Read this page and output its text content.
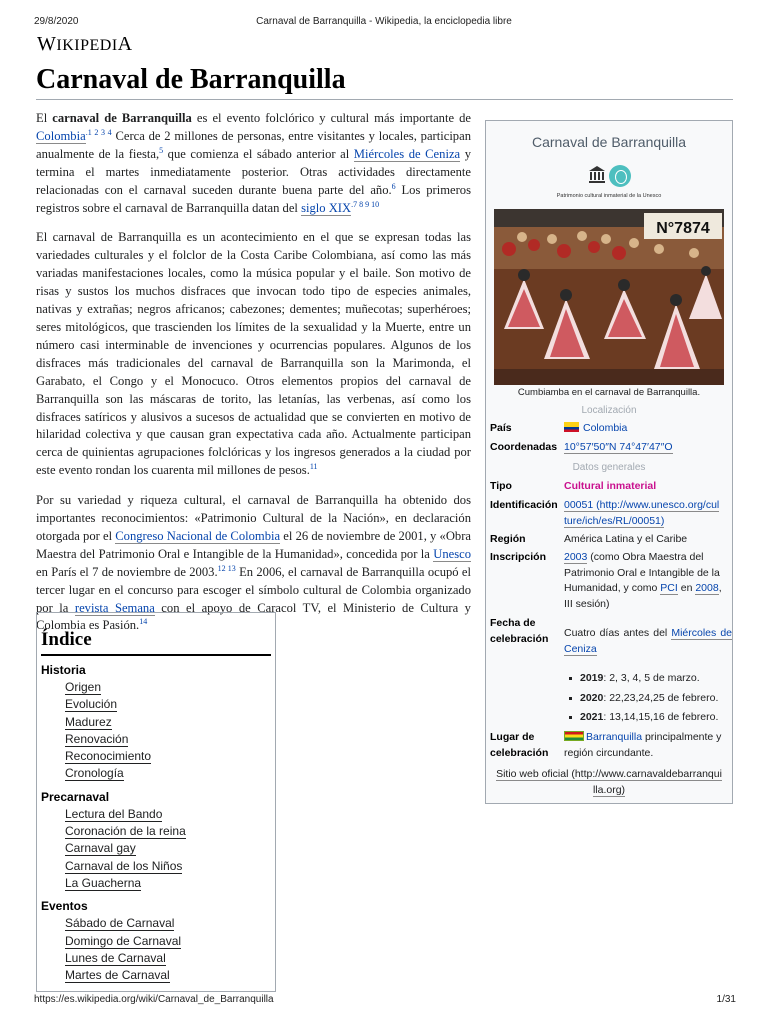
29/8/2020	Carnaval de Barranquilla - Wikipedia, la enciclopedia libre
WIKIPEDIA
Carnaval de Barranquilla

El carnaval de Barranquilla es el evento folclórico y cultural más importante de Colombia$^{.1 2 3 4}$ Cerca de 2 millones de personas, entre visitantes y locales, participan anualmente de la fiesta,$^5$ que comienza el sábado anterior al Miércoles de Ceniza y termina el martes inmediatamente posterior. Otras actividades directamente relacionadas con el carnaval suceden durante buena parte del año.$^6$ Los primeros registros sobre el carnaval de Barranquilla datan del siglo $XIX^{.7 8 9 10}$

El carnaval de Barranquilla es un acontecimiento en el que se expresan todas las variedades culturales y el folclor de la Costa Caribe Colombiana, así como las más variadas manifestaciones locales, como la música popular y el baile. Son motivo de risas y sustos los muchos disfraces que invocan todo tipo de especies animales, nativas y extrañas; negros africanos; cabezones; dementes; muñecotas; superhéroes; seres mitológicos, que trascienden los límites de la sexualidad y la Muerte, entre un número casi interminable de invenciones y ocurrencias populares. Algunos de los disfraces más tradicionales del carnaval de Barranquilla son la Marimonda, el Garabato, el Congo y el Monocuco. Otros elementos propios del carnaval de Barranquilla son las máscaras de torito, las letanías, las verbenas, así como los disfraces satíricos y alusivos a sucesos de actualidad que se convierten en motivo de hilaridad colectiva y que causan gran expectativa cada año. Actualmente participan cerca de quinientas agrupaciones folclóricas y los ingresos generados a la ciudad por este evento rondan los cuarenta mil millones de pesos.$^{11}$

Por su variedad y riqueza cultural, el carnaval de Barranquilla ha obtenido dos importantes reconocimientos: «Patrimonio Cultural de la Nación», en declaración otorgada por el Congreso Nacional de Colombia el 26 de noviembre de 2001, y «Obra Maestra del Patrimonio Oral e Intangible de la Humanidad», concedida por la Unesco en París el 7 de noviembre de 2003.$^{12 13}$ En 2006, el carnaval de Barranquilla ocupó el tercer lugar en el concurso para escoger el símbolo cultural de Colombia organizado por la revista Semana con el apoyo de Caracol TV, el Ministerio de Cultura y Colombia es Pasión.$^{14}$

Índice
Historia
Origen
Evolución
Madurez
Renovación
Reconocimiento
Cronología
Precarnaval
Lectura del Bando
Coronación de la reina
Carnaval gay
Carnaval de los Niños
La Guacherna
Eventos
Sábado de Carnaval
Domingo de Carnaval
Lunes de Carnaval
Martes de Carnaval
Carnaval de Barranquilla
Patrimonio cultural inmaterial de la Unesco
N°7874
Cumbiamba en el carnaval de Barranquilla.
Localización
País	Colombia
Coordenadas 10°57′50″N 74°47′47″O
Datos generales
Tipo	Cultural inmaterial
Identificación 00051 (http://www.unesco.org/cul
ture/ich/es/RL/00051)
Región	América Latina y el Caribe
Inscripción	2003 (como Obra Maestra del Patrimonio Oral e Intangible de la Humanidad, y como PCI en 2008, III sesión)
Fecha de
celebración	Cuatro días antes del Miércoles de Ceniza
2019: 2, 3, 4, 5 de marzo.
2020: 22,23,24,25 de febrero.
2021: 13,14,15,16 de febrero.
Lugar de
celebración
Barranquilla principalmente y región circundante.
Sitio web oficial (http://www.carnavaldebarranqui
lla.org)
https://es.wikipedia.org/wiki/Carnaval_de_Barranquilla	1/31
